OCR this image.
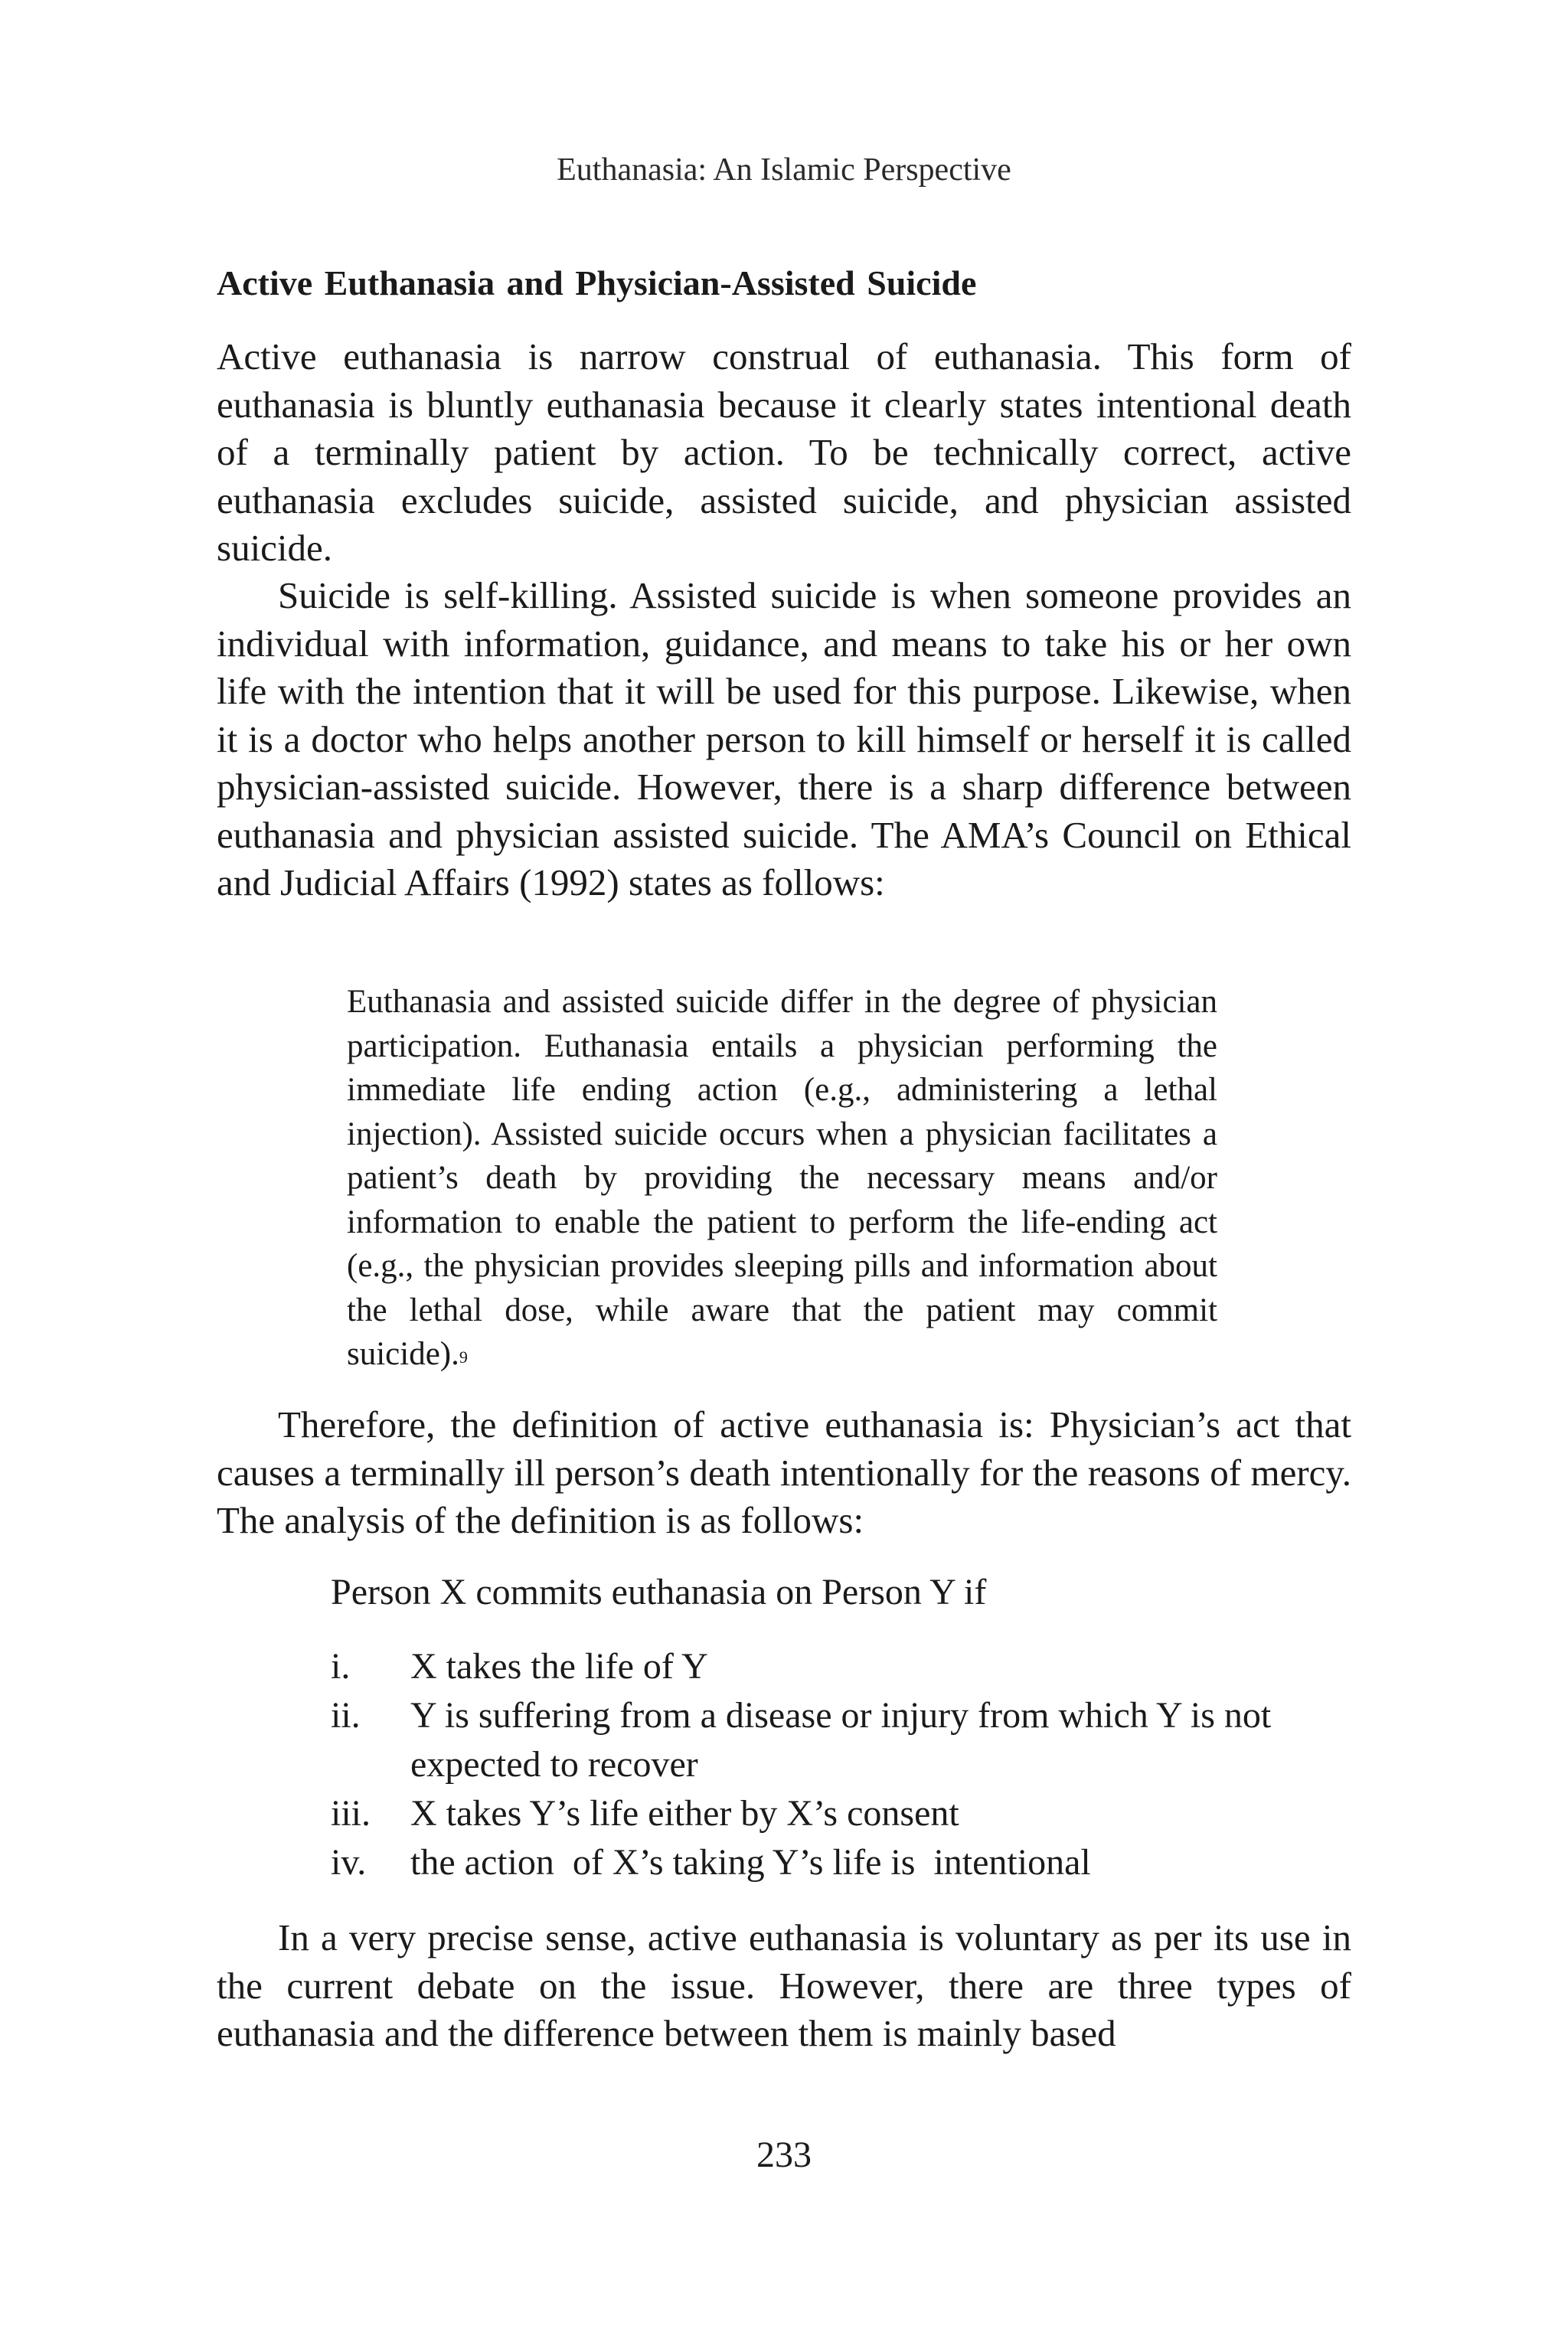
Euthanasia: An Islamic Perspective
Active Euthanasia and Physician-Assisted Suicide

Active euthanasia is narrow construal of euthanasia. This form of euthanasia is bluntly euthanasia because it clearly states intentional death of a terminally patient by action. To be technically correct, active euthanasia excludes suicide, assisted suicide, and physician assisted suicide.

Suicide is self-killing. Assisted suicide is when someone provides an individual with information, guidance, and means to take his or her own life with the intention that it will be used for this purpose. Likewise, when it is a doctor who helps another person to kill himself or herself it is called physician-assisted suicide. However, there is a sharp difference between euthanasia and physician assisted suicide. The AMA’s Council on Ethical and Judicial Affairs (1992) states as follows:

Euthanasia and assisted suicide differ in the degree of physician participation. Euthanasia entails a physician performing the immediate life ending action (e.g., administering a lethal injection). Assisted suicide occurs when a physician facilitates a patient’s death by providing the necessary means and/or information to enable the patient to perform the life-ending act (e.g., the physician provides sleeping pills and information about the lethal dose, while aware that the patient may commit suicide).$^9$

Therefore, the definition of active euthanasia is: Physician’s act that causes a terminally ill person’s death intentionally for the reasons of mercy. The analysis of the definition is as follows:

Person X commits euthanasia on Person Y if
i.	X takes the life of Y
ii.	Y is suffering from a disease or injury from which Y is not expected to recover
iii.	X takes Y’s life either by X’s consent
iv.	the action  of X’s taking Y’s life is  intentional

In a very precise sense, active euthanasia is voluntary as per its use in the current debate on the issue. However, there are three types of euthanasia and the difference between them is mainly based

233
